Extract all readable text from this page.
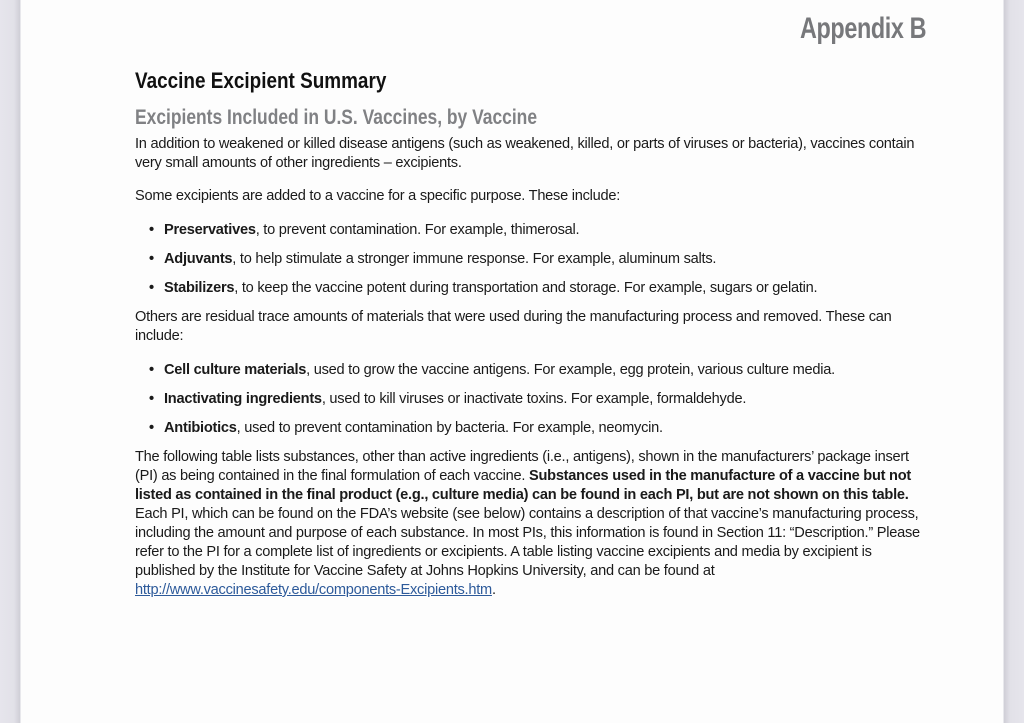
Appendix B
Vaccine Excipient Summary
Excipients Included in U.S. Vaccines, by Vaccine

In addition to weakened or killed disease antigens (such as weakened, killed, or parts of viruses or bacteria), vaccines contain very small amounts of other ingredients – excipients.

Some excipients are added to a vaccine for a specific purpose. These include:

• Preservatives, to prevent contamination. For example, thimerosal.
• Adjuvants, to help stimulate a stronger immune response. For example, aluminum salts.
• Stabilizers, to keep the vaccine potent during transportation and storage. For example, sugars or gelatin.

Others are residual trace amounts of materials that were used during the manufacturing process and removed. These can include:

• Cell culture materials, used to grow the vaccine antigens. For example, egg protein, various culture media.
• Inactivating ingredients, used to kill viruses or inactivate toxins. For example, formaldehyde.
• Antibiotics, used to prevent contamination by bacteria. For example, neomycin.

The following table lists substances, other than active ingredients (i.e., antigens), shown in the manufacturers’ package insert (PI) as being contained in the final formulation of each vaccine. Substances used in the manufacture of a vaccine but not listed as contained in the final product (e.g., culture media) can be found in each PI, but are not shown on this table. Each PI, which can be found on the FDA’s website (see below) contains a description of that vaccine’s manufacturing process, including the amount and purpose of each substance. In most PIs, this information is found in Section 11: “Description.” Please refer to the PI for a complete list of ingredients or excipients. A table listing vaccine excipients and media by excipient is published by the Institute for Vaccine Safety at Johns Hopkins University, and can be found at http://www.vaccinesafety.edu/components-Excipients.htm.
